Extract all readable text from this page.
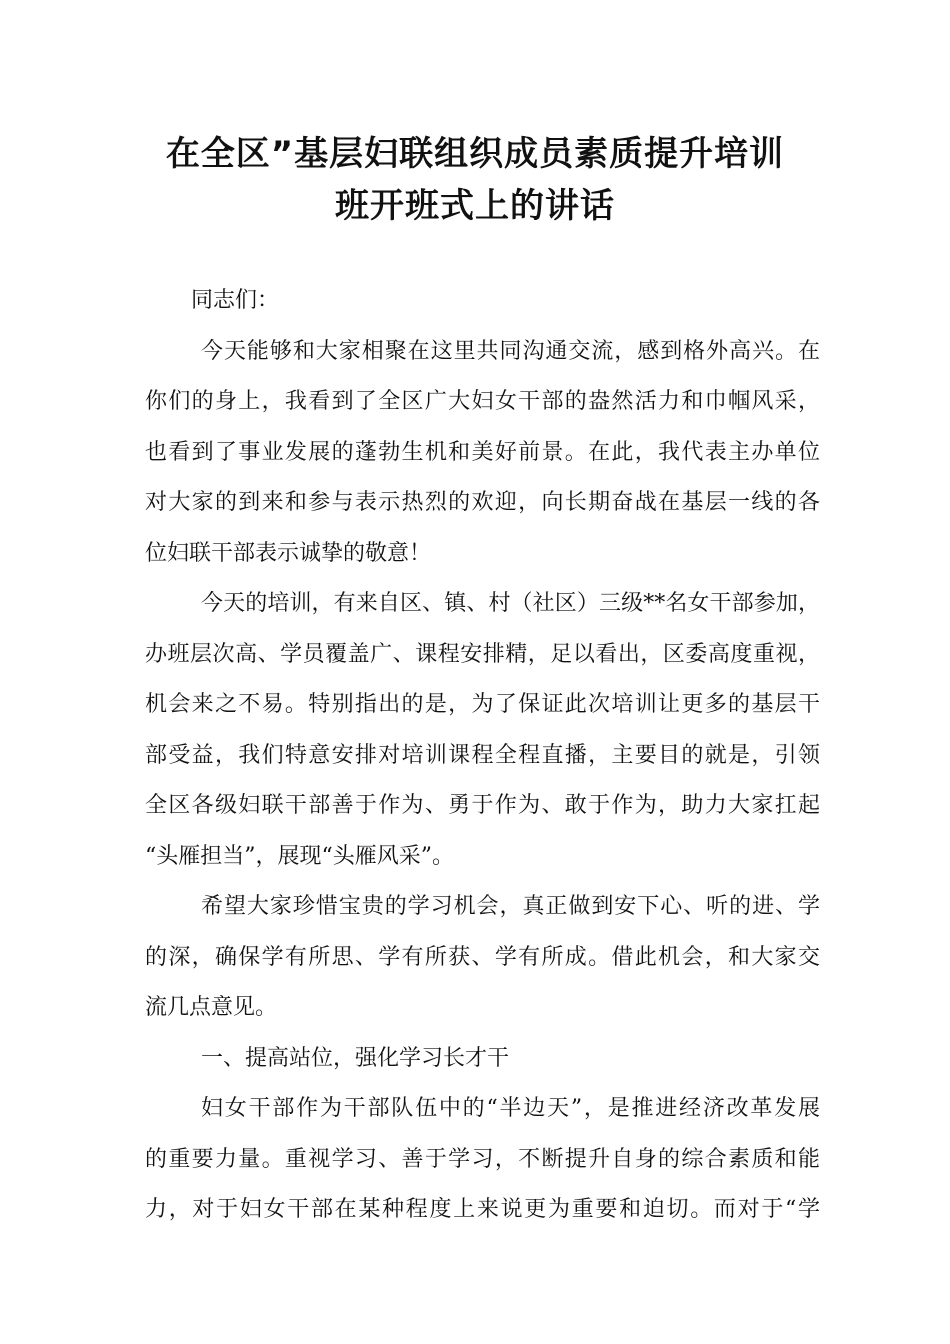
在全区”基层妇联组织成员素质提升培训
班开班式上的讲话

同志们：

今天能够和大家相聚在这里共同沟通交流，感到格外高兴。在
你们的身上，我看到了全区广大妇女干部的盎然活力和巾帼风采，
也看到了事业发展的蓬勃生机和美好前景。在此，我代表主办单位
对大家的到来和参与表示热烈的欢迎，向长期奋战在基层一线的各
位妇联干部表示诚挚的敬意！

今天的培训，有来自区、镇、村（社区）三级**名女干部参加，
办班层次高、学员覆盖广、课程安排精，足以看出，区委高度重视，
机会来之不易。特别指出的是，为了保证此次培训让更多的基层干
部受益，我们特意安排对培训课程全程直播，主要目的就是，引领
全区各级妇联干部善于作为、勇于作为、敢于作为，助力大家扛起
“头雁担当”，展现“头雁风采”。

希望大家珍惜宝贵的学习机会，真正做到安下心、听的进、学
的深，确保学有所思、学有所获、学有所成。借此机会，和大家交
流几点意见。

一、提高站位，强化学习长才干

妇女干部作为干部队伍中的“半边天”，是推进经济改革发展
的重要力量。重视学习、善于学习，不断提升自身的综合素质和能
力，对于妇女干部在某种程度上来说更为重要和迫切。而对于“学
